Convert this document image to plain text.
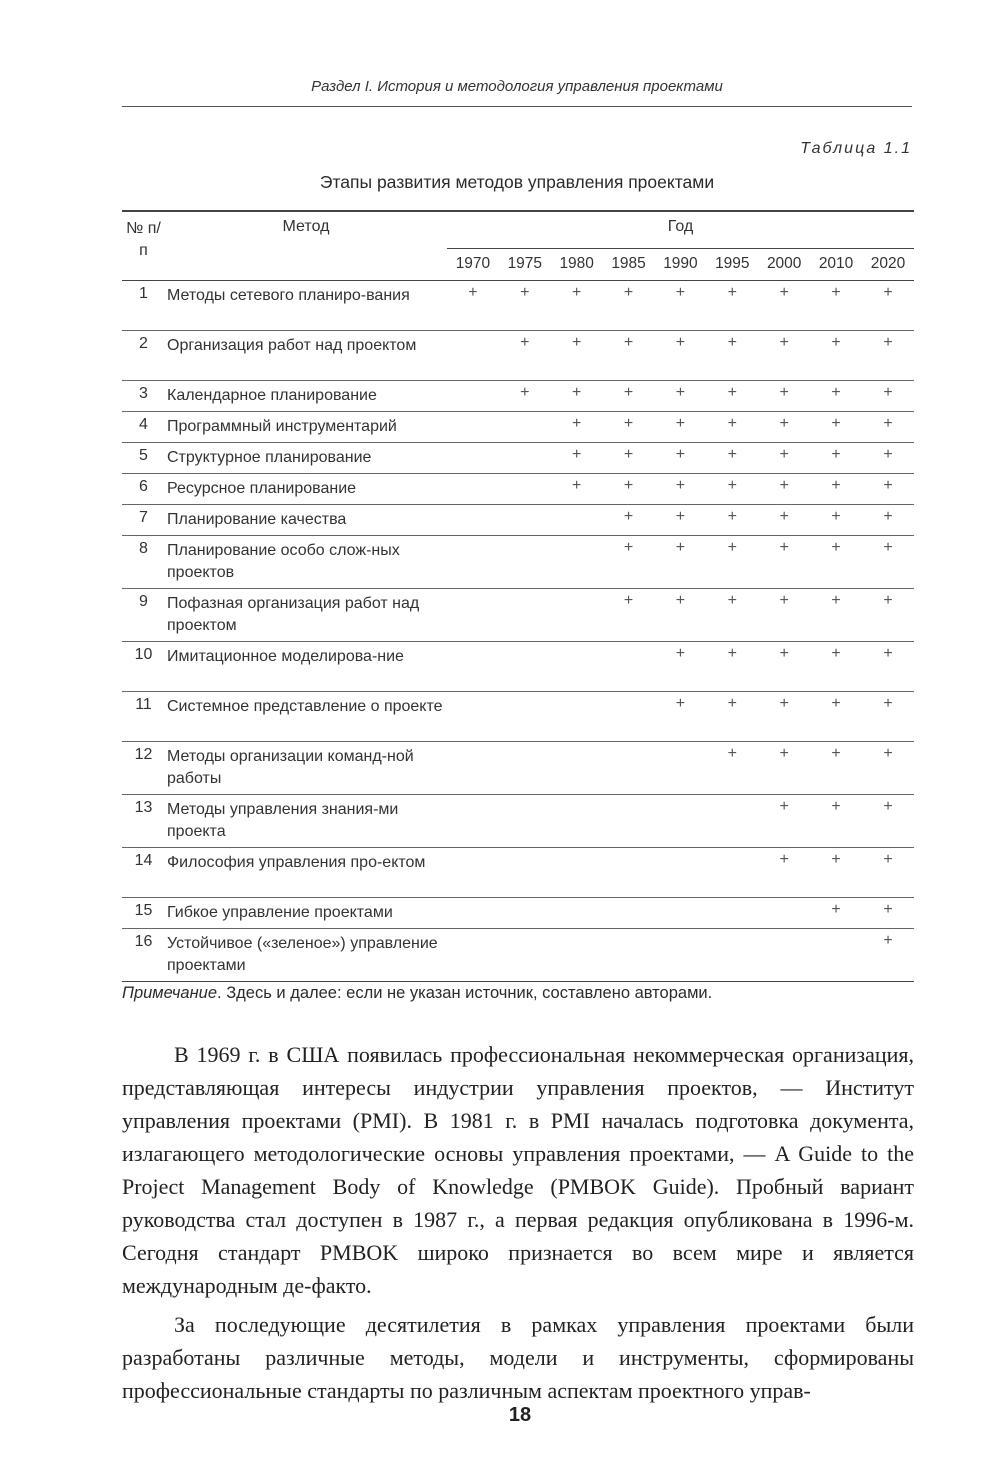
Раздел I. История и методология управления проектами
Таблица 1.1
Этапы развития методов управления проектами
№ п/п	Метод	Год								
		1970	1975	1980	1985	1990	1995	2000	2010	2020
1	Методы сетевого планиро-вания	+	+	+	+	+	+	+	+	+
2	Организация работ над проектом		+	+	+	+	+	+	+	+
3	Календарное планирование		+	+	+	+	+	+	+	+
4	Программный инструментарий			+	+	+	+	+	+	+
5	Структурное планирование			+	+	+	+	+	+	+
6	Ресурсное планирование			+	+	+	+	+	+	+
7	Планирование качества				+	+	+	+	+	+
8	Планирование особо слож-ных проектов				+	+	+	+	+	+
9	Пофазная организация работ над проектом				+	+	+	+	+	+
10	Имитационное моделирова-ние					+	+	+	+	+
11	Системное представление о проекте					+	+	+	+	+
12	Методы организации команд-ной работы						+	+	+	+
13	Методы управления знания-ми проекта							+	+	+
14	Философия управления про-ектом							+	+	+
15	Гибкое управление проектами								+	+
16	Устойчивое («зеленое») управление проектами									+
Примечание. Здесь и далее: если не указан источник, составлено авторами.

В 1969 г. в США появилась профессиональная некоммерческая организация, представляющая интересы индустрии управления проектов, — Институт управления проектами (PMI). В 1981 г. в PMI началась подготовка документа, излагающего методологические основы управления проектами, — A Guide to the Project Management Body of Knowledge (PMBOK Guide). Пробный вариант руководства стал доступен в 1987 г., а первая редакция опубликована в 1996-м. Сегодня стандарт PMBOK широко признается во всем мире и является международным де-факто.

За последующие десятилетия в рамках управления проектами были разработаны различные методы, модели и инструменты, сформированы профессиональные стандарты по различным аспектам проектного управ-

18
